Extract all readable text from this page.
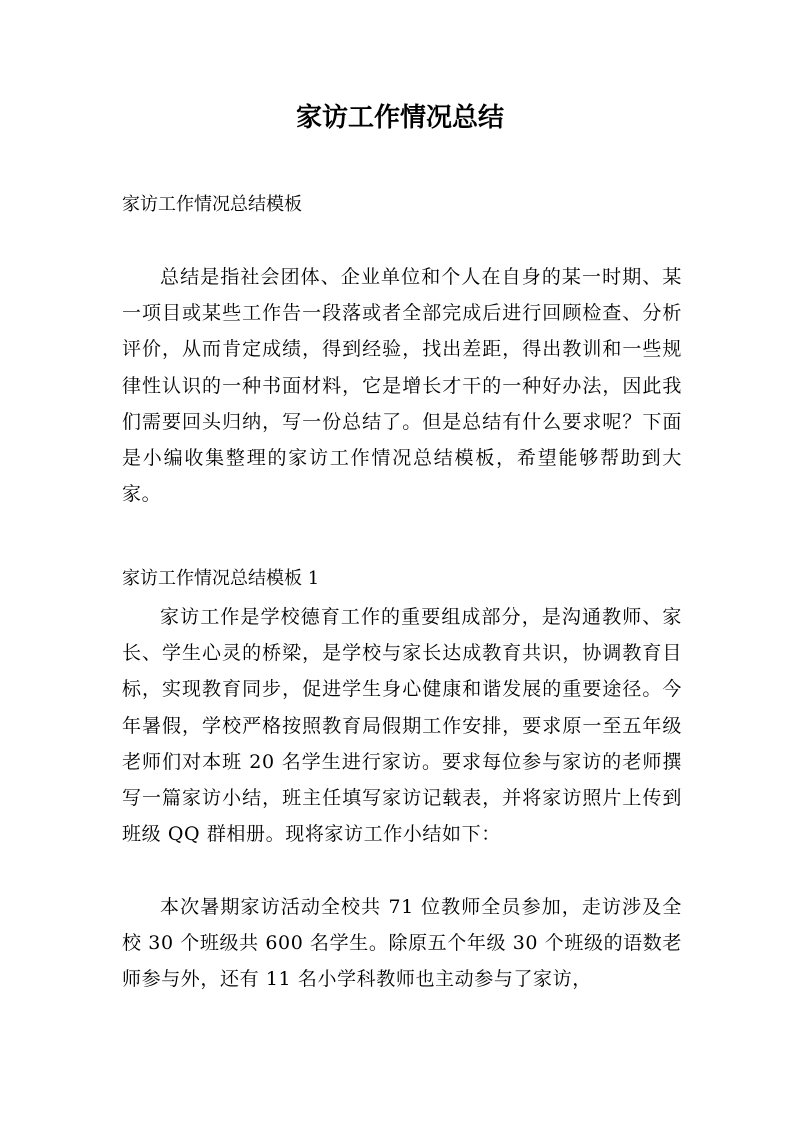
家访工作情况总结

家访工作情况总结模板

总结是指社会团体、企业单位和个人在自身的某一时期、某一项目或某些工作告一段落或者全部完成后进行回顾检查、分析评价，从而肯定成绩，得到经验，找出差距，得出教训和一些规律性认识的一种书面材料，它是增长才干的一种好办法，因此我们需要回头归纳，写一份总结了。但是总结有什么要求呢？下面是小编收集整理的家访工作情况总结模板，希望能够帮助到大家。

家访工作情况总结模板 1

家访工作是学校德育工作的重要组成部分，是沟通教师、家长、学生心灵的桥梁，是学校与家长达成教育共识，协调教育目标，实现教育同步，促进学生身心健康和谐发展的重要途径。今年暑假，学校严格按照教育局假期工作安排，要求原一至五年级老师们对本班 20 名学生进行家访。要求每位参与家访的老师撰写一篇家访小结，班主任填写家访记载表，并将家访照片上传到班级 QQ 群相册。现将家访工作小结如下：

本次暑期家访活动全校共 71 位教师全员参加，走访涉及全校 30 个班级共 600 名学生。除原五个年级 30 个班级的语数老师参与外，还有 11 名小学科教师也主动参与了家访，
